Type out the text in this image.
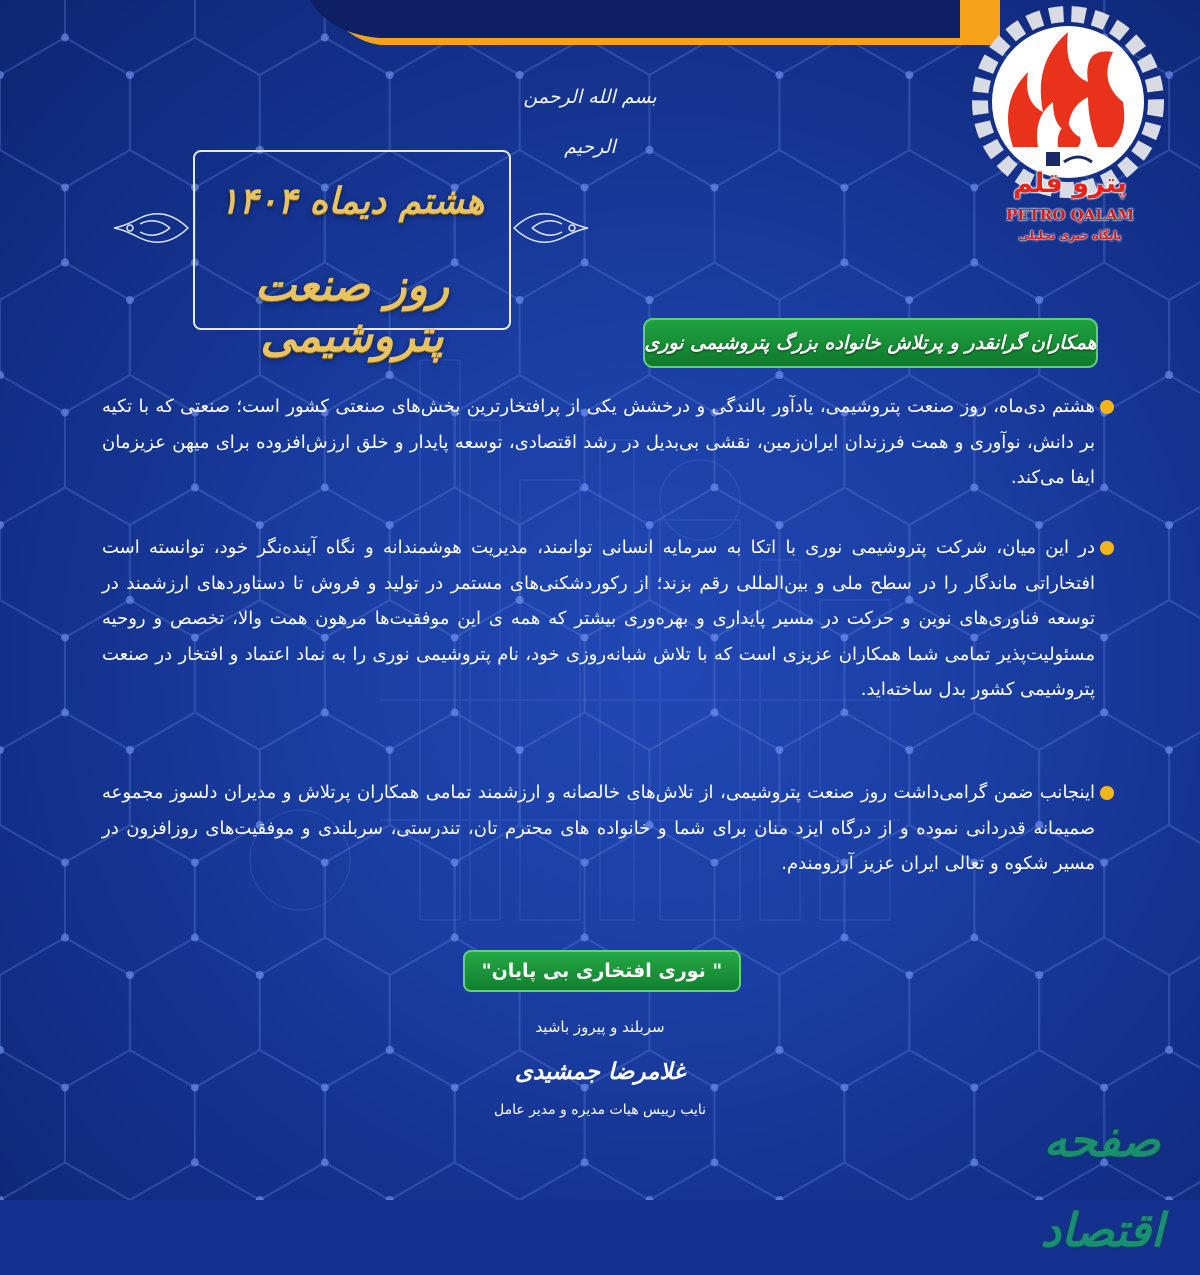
بسم الله الرحمن الرحیم
هشتم دیماه ۱۴۰۴
روز صنعت پتروشیمی
پترو قلم
PETRO QALAM
پایگاه خبری تحلیلی
همکاران گرانقدر و پرتلاش خانواده بزرگ پتروشیمی نوری
هشتم دی‌ماه، روز صنعت پتروشیمی، یادآور بالندگی و درخشش یکی از پرافتخارترین بخش‌های صنعتی کشور است؛ صنعتی که با تکیه بر دانش، نوآوری و همت فرزندان ایران‌زمین، نقشی بی‌بدیل در رشد اقتصادی، توسعه پایدار و خلق ارزش‌افزوده برای میهن عزیزمان ایفا می‌کند.
در این میان، شرکت پتروشیمی نوری با اتکا به سرمایه انسانی توانمند، مدیریت هوشمندانه و نگاه آینده‌نگر خود، توانسته است افتخاراتی ماندگار را در سطح ملی و بین‌المللی رقم بزند؛ از رکوردشکنی‌های مستمر در تولید و فروش تا دستاوردهای ارزشمند در توسعه فناوری‌های نوین و حرکت در مسیر پایداری و بهره‌وری بیشتر که همه ی این موفقیت‌ها مرهون همت والا، تخصص و روحیه مسئولیت‌پذیر تمامی شما همکاران عزیزی است که با تلاش شبانه‌روزی خود، نام پتروشیمی نوری را به نماد اعتماد و افتخار در صنعت پتروشیمی کشور بدل ساخته‌اید.
اینجانب ضمن گرامی‌داشت روز صنعت پتروشیمی، از تلاش‌های خالصانه و ارزشمند تمامی همکاران پرتلاش و مدیران دلسوز مجموعه صمیمانه قدردانی نموده و از درگاه ایزد منان برای شما و خانواده های محترم تان، تندرستی، سربلندی و موفقیت‌های روزافزون در مسیر شکوه و تعالی ایران عزیز آرزومندم.
" نوری افتخاری بی پایان"
سربلند و پیروز باشید
غلامرضا جمشیدی
نایب رییس هیات مدیره و مدیر عامل
صفحه اقتصاد
